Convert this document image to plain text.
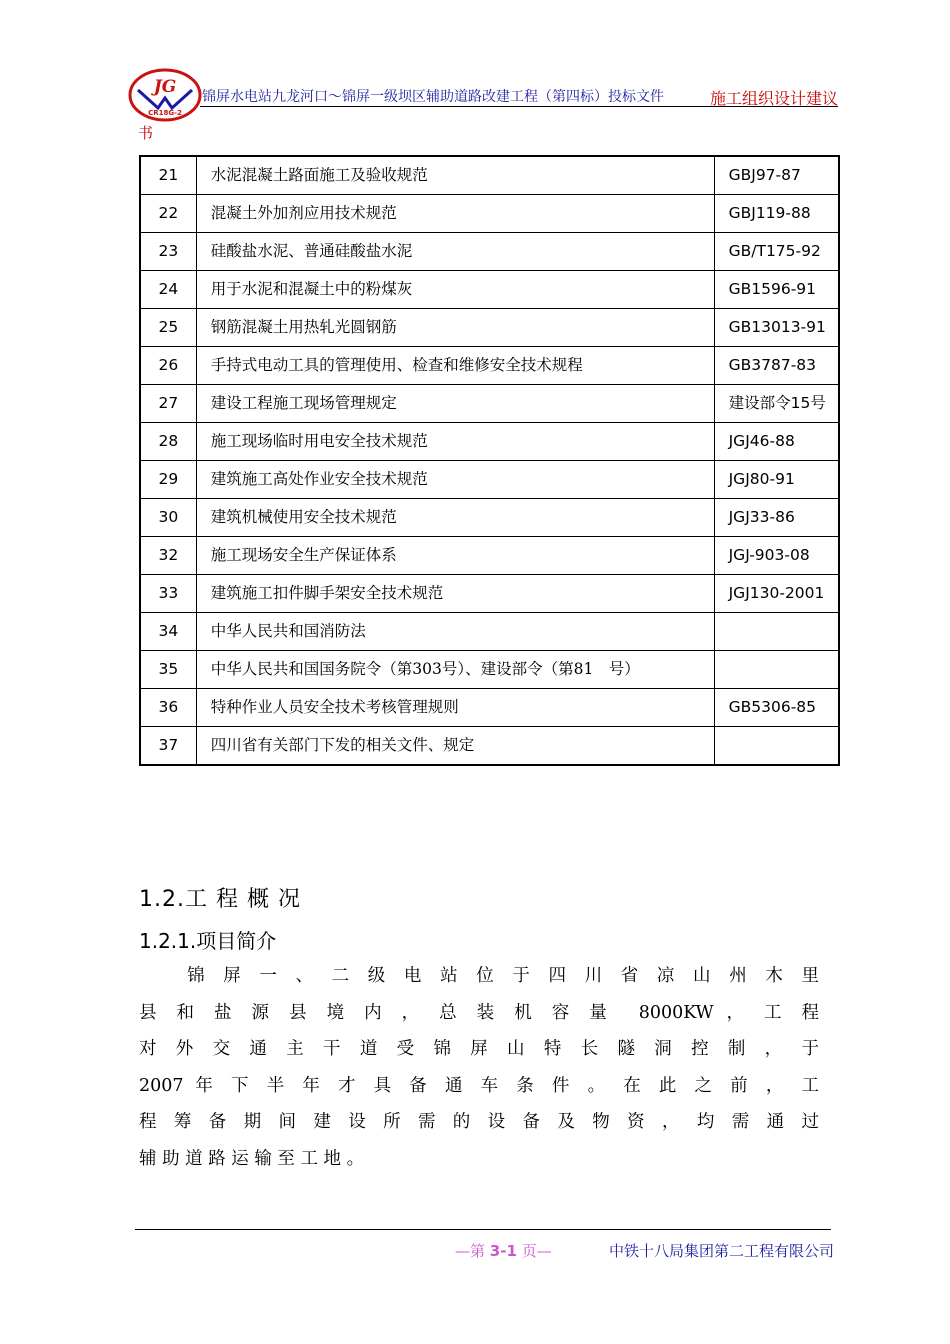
JG
CR18G-2
锦屏水电站九龙河口～锦屏一级坝区辅助道路改建工程（第四标）投标文件	施工组织设计建议
书
21	水泥混凝土路面施工及验收规范	GBJ97-87
22	混凝土外加剂应用技术规范	GBJ119-88
23	硅酸盐水泥、普通硅酸盐水泥	GB/T175-92
24	用于水泥和混凝土中的粉煤灰	GB1596-91
25	钢筋混凝土用热轧光圆钢筋	GB13013-91
26	手持式电动工具的管理使用、检查和维修安全技术规程	GB3787-83
27	建设工程施工现场管理规定	建设部令15号
28	施工现场临时用电安全技术规范	JGJ46-88
29	建筑施工高处作业安全技术规范	JGJ80-91
30	建筑机械使用安全技术规范	JGJ33-86
32	施工现场安全生产保证体系	JGJ-903-08
33	建筑施工扣件脚手架安全技术规范	JGJ130-2001
34	中华人民共和国消防法	
35	中华人民共和国国务院令（第303号）、建设部令（第81　号）	
36	特种作业人员安全技术考核管理规则	GB5306-85
37	四川省有关部门下发的相关文件、规定	
1.2.工 程 概 况
1.2.1.项目简介
　　锦 屏 一 、 二 级 电 站 位 于 四 川 省 凉 山 州 木 里
县 和 盐 源 县 境 内 ， 总 装 机 容 量　8000KW ， 工 程
对 外 交 通 主 干 道 受 锦 屏 山 特 长 隧 洞 控 制 ， 于
2007 年 下 半 年 才 具 备 通 车 条 件 。 在 此 之 前 ， 工
程 筹 备 期 间 建 设 所 需 的 设 备 及 物 资 ， 均 需 通 过
辅 助 道 路 运 输 至 工 地 。
—第 3-1 页—	中铁十八局集团第二工程有限公司
